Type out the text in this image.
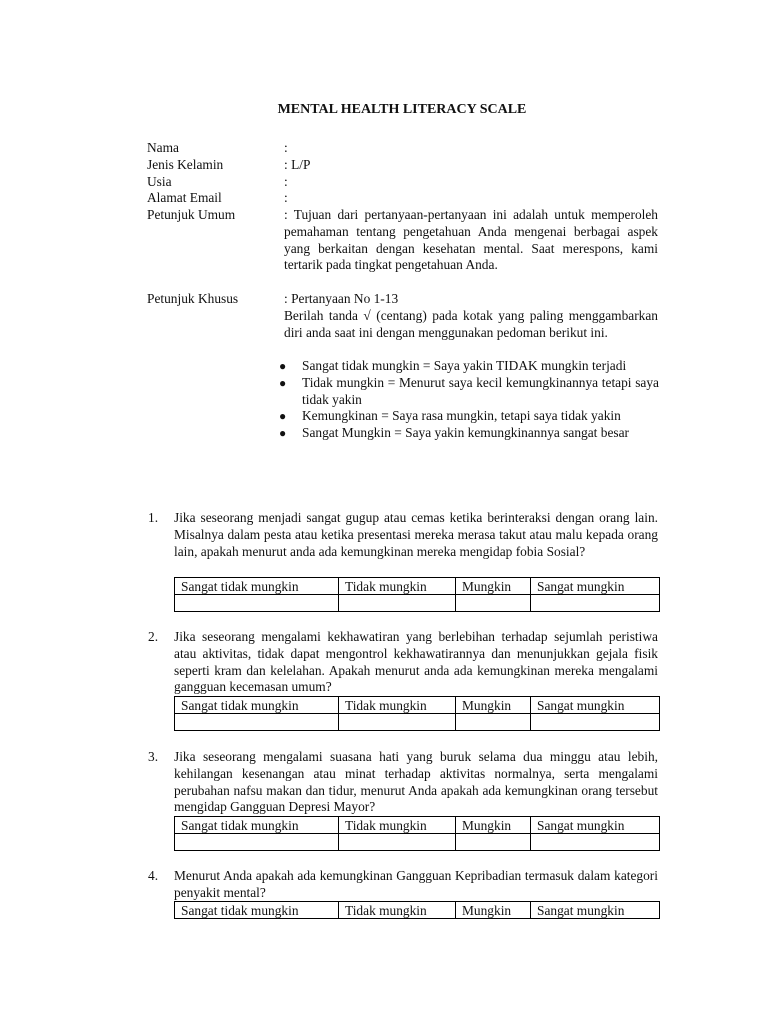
MENTAL HEALTH LITERACY SCALE
Nama	:
Jenis Kelamin	: L/P
Usia	:
Alamat Email	:
Petunjuk Umum	: Tujuan dari pertanyaan-pertanyaan ini adalah untuk memperoleh pemahaman tentang pengetahuan Anda mengenai berbagai aspek yang berkaitan dengan kesehatan mental. Saat merespons, kami tertarik pada tingkat pengetahuan Anda.
Petunjuk Khusus	: Pertanyaan No 1-13
Berilah tanda √ (centang) pada kotak yang paling menggambarkan diri anda saat ini dengan menggunakan pedoman berikut ini.
●	Sangat tidak mungkin = Saya yakin TIDAK mungkin terjadi
●	Tidak mungkin = Menurut saya kecil kemungkinannya tetapi saya tidak yakin
●	Kemungkinan = Saya rasa mungkin, tetapi saya tidak yakin
●	Sangat Mungkin = Saya yakin kemungkinannya sangat besar
1. Jika seseorang menjadi sangat gugup atau cemas ketika berinteraksi dengan orang lain. Misalnya dalam pesta atau ketika presentasi mereka merasa takut atau malu kepada orang lain, apakah menurut anda ada kemungkinan mereka mengidap fobia Sosial?
Sangat tidak mungkin	Tidak mungkin	Mungkin	Sangat mungkin

2. Jika seseorang mengalami kekhawatiran yang berlebihan terhadap sejumlah peristiwa atau aktivitas, tidak dapat mengontrol kekhawatirannya dan menunjukkan gejala fisik seperti kram dan kelelahan. Apakah menurut anda ada kemungkinan mereka mengalami gangguan kecemasan umum?
Sangat tidak mungkin	Tidak mungkin	Mungkin	Sangat mungkin

3. Jika seseorang mengalami suasana hati yang buruk selama dua minggu atau lebih, kehilangan kesenangan atau minat terhadap aktivitas normalnya, serta mengalami perubahan nafsu makan dan tidur, menurut Anda apakah ada kemungkinan orang tersebut mengidap Gangguan Depresi Mayor?
Sangat tidak mungkin	Tidak mungkin	Mungkin	Sangat mungkin

4. Menurut Anda apakah ada kemungkinan Gangguan Kepribadian termasuk dalam kategori penyakit mental?
Sangat tidak mungkin	Tidak mungkin	Mungkin	Sangat mungkin
